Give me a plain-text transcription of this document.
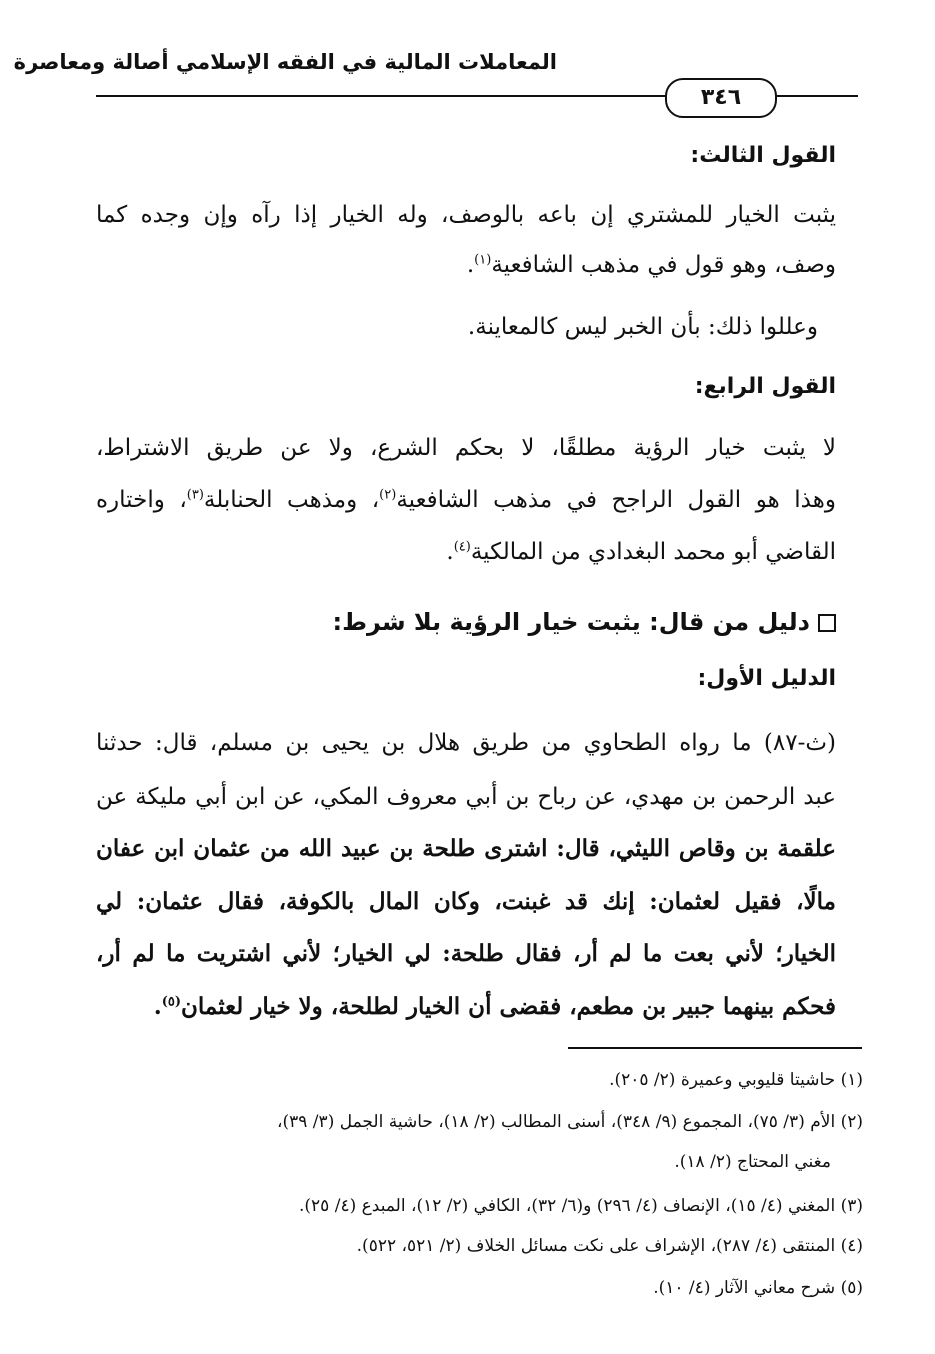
المعاملات المالية في الفقه الإسلامي أصالة ومعاصرة
٣٤٦
القول الثالث:
يثبت الخيار للمشتري إن باعه بالوصف، وله الخيار إذا رآه وإن وجده كما
وصف، وهو قول في مذهب الشافعية$^{(١)}$.
وعللوا ذلك: بأن الخبر ليس كالمعاينة.
القول الرابع:
لا يثبت خيار الرؤية مطلقًا، لا بحكم الشرع، ولا عن طريق الاشتراط،
وهذا هو القول الراجح في مذهب الشافعية$^{(٢)}$، ومذهب الحنابلة$^{(٣)}$، واختاره
القاضي أبو محمد البغدادي من المالكية$^{(٤)}$.
دليل من قال: يثبت خيار الرؤية بلا شرط:
الدليل الأول:
(ث-٨٧) ما رواه الطحاوي من طريق هلال بن يحيى بن مسلم، قال: حدثنا
عبد الرحمن بن مهدي، عن رباح بن أبي معروف المكي، عن ابن أبي مليكة عن
علقمة بن وقاص الليثي، قال: اشترى طلحة بن عبيد الله من عثمان ابن عفان
مالًا، فقيل لعثمان: إنك قد غبنت، وكان المال بالكوفة، فقال عثمان: لي
الخيار؛ لأني بعت ما لم أر، فقال طلحة: لي الخيار؛ لأني اشتريت ما لم أر،
فحكم بينهما جبير بن مطعم، فقضى أن الخيار لطلحة، ولا خيار لعثمان$^{(٥)}$.
(١) حاشيتا قليوبي وعميرة (٢/ ٢٠٥).
(٢) الأم (٣/ ٧٥)، المجموع (٩/ ٣٤٨)، أسنى المطالب (٢/ ١٨)، حاشية الجمل (٣/ ٣٩)،
مغني المحتاج (٢/ ١٨).
(٣) المغني (٤/ ١٥)، الإنصاف (٤/ ٢٩٦) و(٦/ ٣٢)، الكافي (٢/ ١٢)، المبدع (٤/ ٢٥).
(٤) المنتقى (٤/ ٢٨٧)، الإشراف على نكت مسائل الخلاف (٢/ ٥٢١، ٥٢٢).
(٥) شرح معاني الآثار (٤/ ١٠).
